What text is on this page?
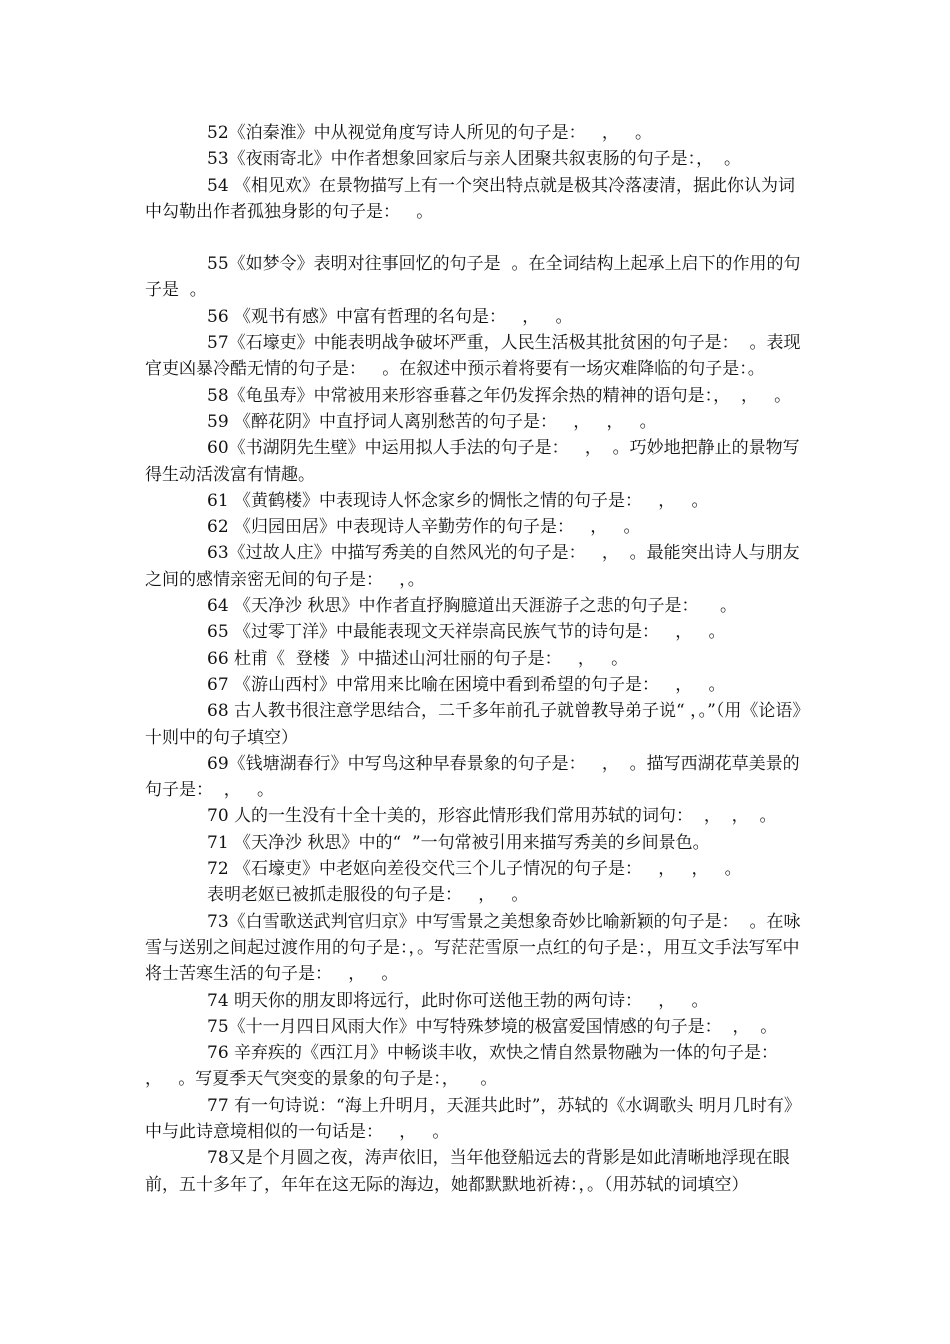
52《泊秦淮》中从视觉角度写诗人所见的句子是：   ，   。

53《夜雨寄北》中作者想象回家后与亲人团聚共叙衷肠的句子是：，  。

54 《相见欢》在景物描写上有一个突出特点就是极其冷落凄清，据此你认为词中勾勒出作者孤独身影的句子是：   。

55《如梦令》表明对往事回忆的句子是  。在全词结构上起承上启下的作用的句子是  。

56 《观书有感》中富有哲理的名句是：   ，   。

57《石壕吏》中能表明战争破坏严重，人民生活极其批贫困的句子是：  。表现官吏凶暴冷酷无情的句子是：   。在叙述中预示着将要有一场灾难降临的句子是：。

58《龟虽寿》中常被用来形容垂暮之年仍发挥余热的精神的语句是：，  ，   。

59 《醉花阴》中直抒词人离别愁苦的句子是：   ，   ，   。

60《书湖阴先生壁》中运用拟人手法的句子是：   ，  。巧妙地把静止的景物写得生动活泼富有情趣。

61 《黄鹤楼》中表现诗人怀念家乡的惆怅之情的句子是：   ，   。

62 《归园田居》中表现诗人辛勤劳作的句子是：   ，   。

63《过故人庄》中描写秀美的自然风光的句子是：   ，  。最能突出诗人与朋友之间的感情亲密无间的句子是：   ，。

64 《天净沙 秋思》中作者直抒胸臆道出天涯游子之悲的句子是：    。

65 《过零丁洋》中最能表现文天祥崇高民族气节的诗句是：   ，   。

66 杜甫《  登楼  》中描述山河壮丽的句子是：   ，   。

67 《游山西村》中常用来比喻在困境中看到希望的句子是：   ，   。

68 古人教书很注意学思结合，二千多年前孔子就曾教导弟子说“ ，。”（用《论语》十则中的句子填空）

69《钱塘湖春行》中写鸟这种早春景象的句子是：   ，  。描写西湖花草美景的句子是：  ，   。

70 人的一生没有十全十美的，形容此情形我们常用苏轼的词句：  ，  ，  。

71 《天净沙 秋思》中的“  ”一句常被引用来描写秀美的乡间景色。

72 《石壕吏》中老妪向差役交代三个儿子情况的句子是：   ，   ，   。

表明老妪已被抓走服役的句子是：   ，   。

73《白雪歌送武判官归京》中写雪景之美想象奇妙比喻新颖的句子是：  。在咏雪与送别之间起过渡作用的句子是：，。写茫茫雪原一点红的句子是：，用互文手法写军中将士苦寒生活的句子是：   ，   。

74 明天你的朋友即将远行，此时你可送他王勃的两句诗：   ，   。

75《十一月四日风雨大作》中写特殊梦境的极富爱国情感的句子是：  ，  。

76 辛弃疾的《西江月》中畅谈丰收，欢快之情自然景物融为一体的句子是：  ，   。写夏季天气突变的景象的句子是：，    。

77 有一句诗说：“海上升明月，天涯共此时”，苏轼的《水调歌头 明月几时有》中与此诗意境相似的一句话是：   ，   。

78又是个月圆之夜，涛声依旧，当年他登船远去的背影是如此清晰地浮现在眼前，五十多年了，年年在这无际的海边，她都默默地祈祷：，。（用苏轼的词填空）
